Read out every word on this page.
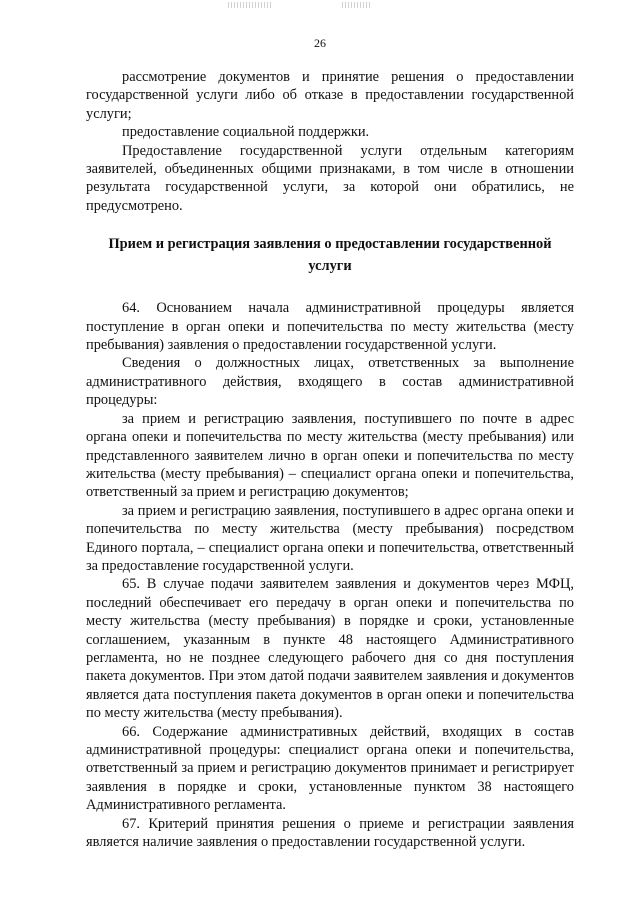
26

рассмотрение документов и принятие решения о предоставлении государственной услуги либо об отказе в предоставлении государственной услуги;

предоставление социальной поддержки.

Предоставление государственной услуги отдельным категориям заявителей, объединенных общими признаками, в том числе в отношении результата государственной услуги, за которой они обратились, не предусмотрено.

Прием и регистрация заявления о предоставлении государственной услуги

64. Основанием начала административной процедуры является поступление в орган опеки и попечительства по месту жительства (месту пребывания) заявления о предоставлении государственной услуги.

Сведения о должностных лицах, ответственных за выполнение административного действия, входящего в состав административной процедуры:

за прием и регистрацию заявления, поступившего по почте в адрес органа опеки и попечительства по месту жительства (месту пребывания) или представленного заявителем лично в орган опеки и попечительства по месту жительства (месту пребывания) – специалист органа опеки и попечительства, ответственный за прием и регистрацию документов;

за прием и регистрацию заявления, поступившего в адрес органа опеки и попечительства по месту жительства (месту пребывания) посредством Единого портала, – специалист органа опеки и попечительства, ответственный за предоставление государственной услуги.

65. В случае подачи заявителем заявления и документов через МФЦ, последний обеспечивает его передачу в орган опеки и попечительства по месту жительства (месту пребывания) в порядке и сроки, установленные соглашением, указанным в пункте 48 настоящего Административного регламента, но не позднее следующего рабочего дня со дня поступления пакета документов. При этом датой подачи заявителем заявления и документов является дата поступления пакета документов в орган опеки и попечительства по месту жительства (месту пребывания).

66. Содержание административных действий, входящих в состав административной процедуры: специалист органа опеки и попечительства, ответственный за прием и регистрацию документов принимает и регистрирует заявления в порядке и сроки, установленные пунктом 38 настоящего Административного регламента.

67. Критерий принятия решения о приеме и регистрации заявления является наличие заявления о предоставлении государственной услуги.
